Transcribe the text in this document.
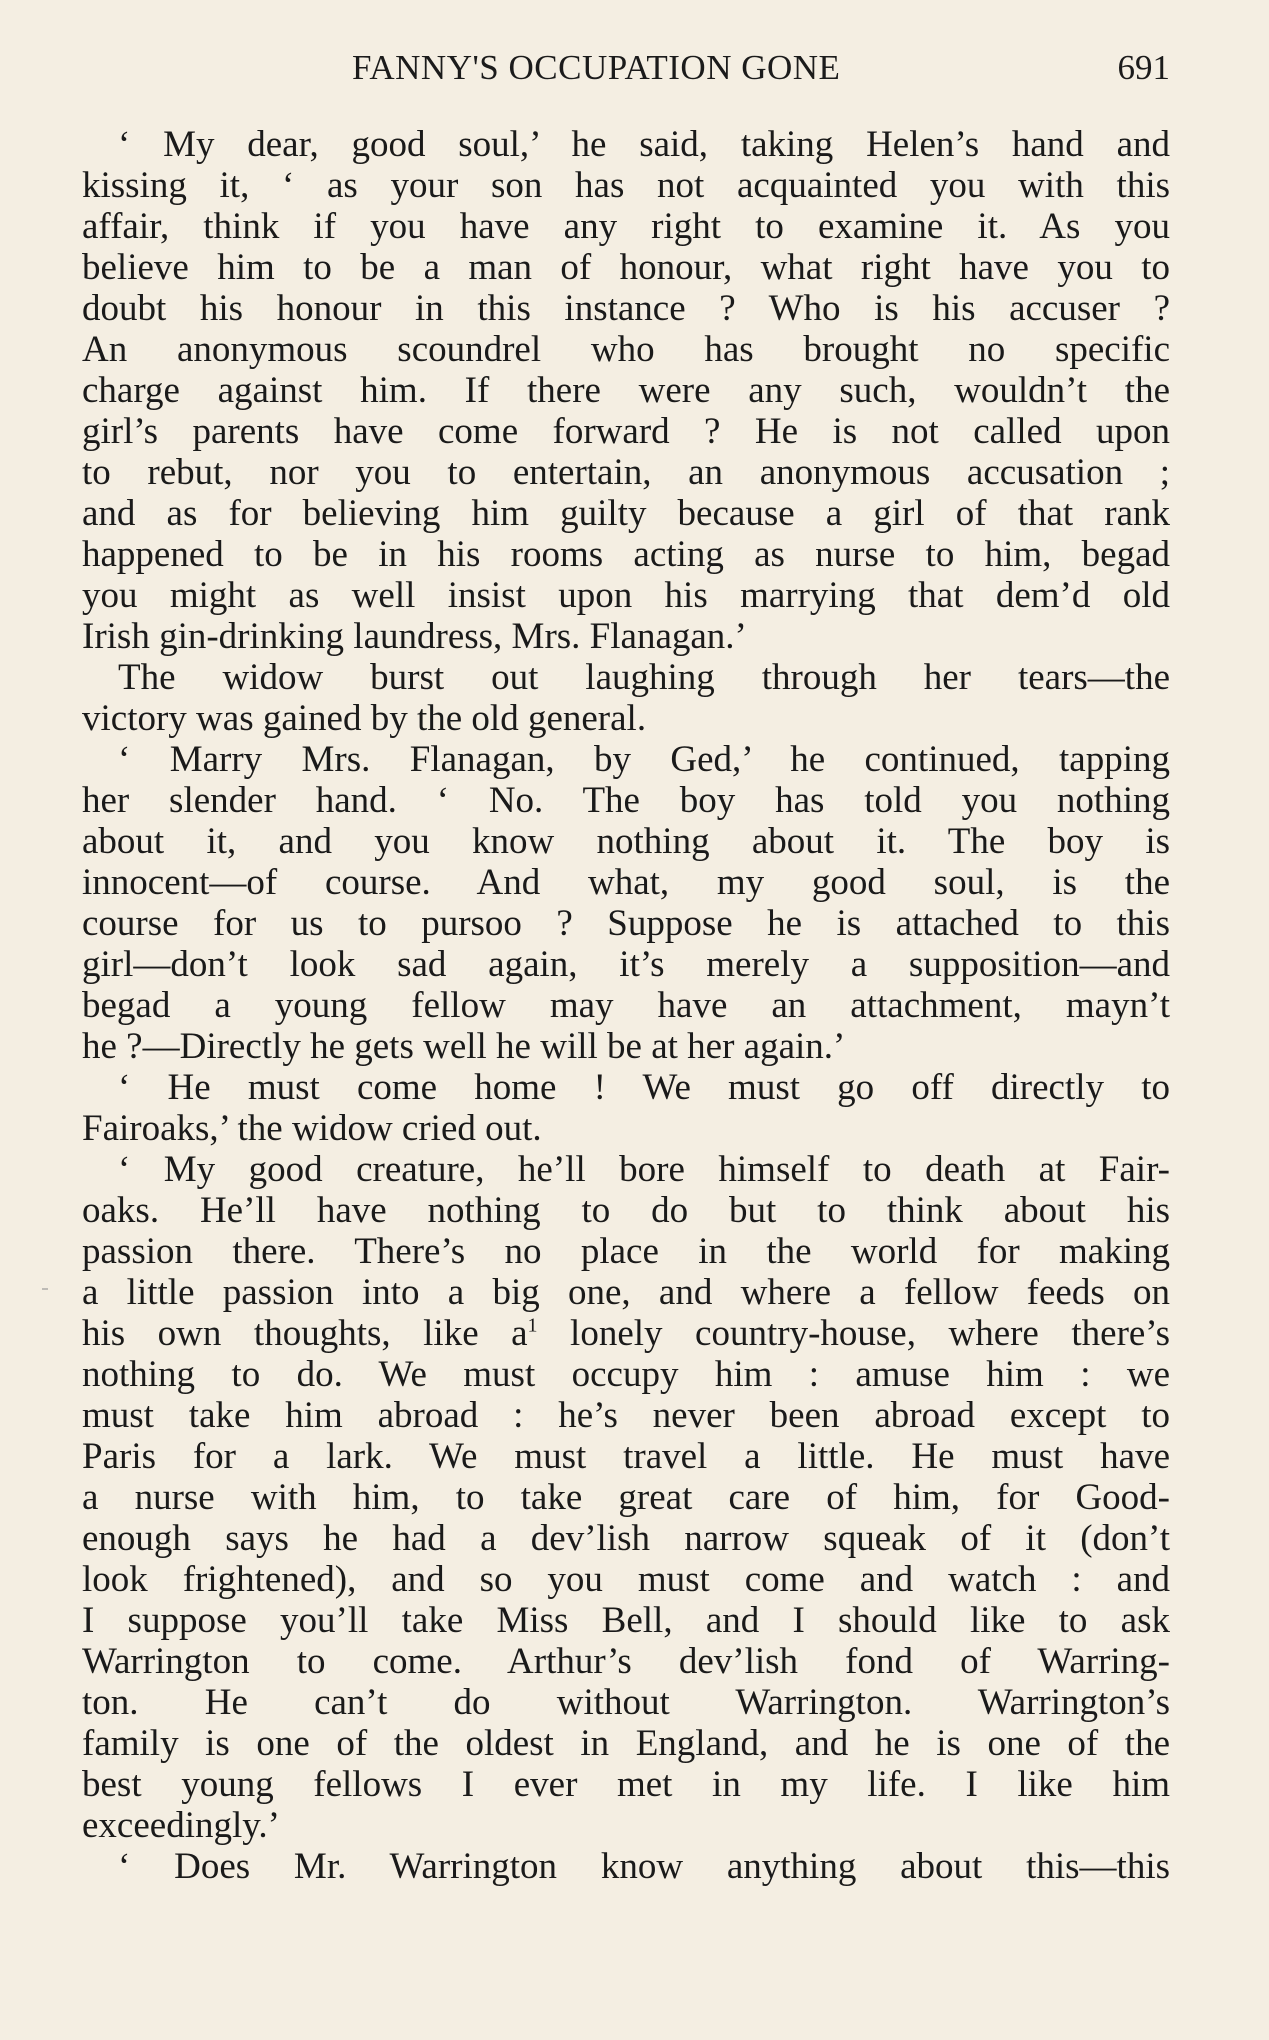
FANNY'S OCCUPATION GONE	691
‘ My dear, good soul,’ he said, taking Helen’s hand and
kissing it, ‘ as your son has not acquainted you with this
affair, think if you have any right to examine it. As you
believe him to be a man of honour, what right have you to
doubt his honour in this instance ? Who is his accuser ?
An anonymous scoundrel who has brought no specific
charge against him. If there were any such, wouldn’t the
girl’s parents have come forward ? He is not called upon
to rebut, nor you to entertain, an anonymous accusation ;
and as for believing him guilty because a girl of that rank
happened to be in his rooms acting as nurse to him, begad
you might as well insist upon his marrying that dem’d old
Irish gin-drinking laundress, Mrs. Flanagan.’
The widow burst out laughing through her tears—the
victory was gained by the old general.
‘ Marry Mrs. Flanagan, by Ged,’ he continued, tapping
her slender hand. ‘ No. The boy has told you nothing
about it, and you know nothing about it. The boy is
innocent—of course. And what, my good soul, is the
course for us to pursoo ? Suppose he is attached to this
girl—don’t look sad again, it’s merely a supposition—and
begad a young fellow may have an attachment, mayn’t
he ?—Directly he gets well he will be at her again.’
‘ He must come home ! We must go off directly to
Fairoaks,’ the widow cried out.
‘ My good creature, he’ll bore himself to death at Fair-
oaks. He’ll have nothing to do but to think about his
passion there. There’s no place in the world for making
a little passion into a big one, and where a fellow feeds on
his own thoughts, like a$^1$ lonely country-house, where there’s
nothing to do. We must occupy him : amuse him : we
must take him abroad : he’s never been abroad except to
Paris for a lark. We must travel a little. He must have
a nurse with him, to take great care of him, for Good-
enough says he had a dev’lish narrow squeak of it (don’t
look frightened), and so you must come and watch : and
I suppose you’ll take Miss Bell, and I should like to ask
Warrington to come. Arthur’s dev’lish fond of Warring-
ton. He can’t do without Warrington. Warrington’s
family is one of the oldest in England, and he is one of the
best young fellows I ever met in my life. I like him
exceedingly.’
‘ Does Mr. Warrington know anything about this—this
